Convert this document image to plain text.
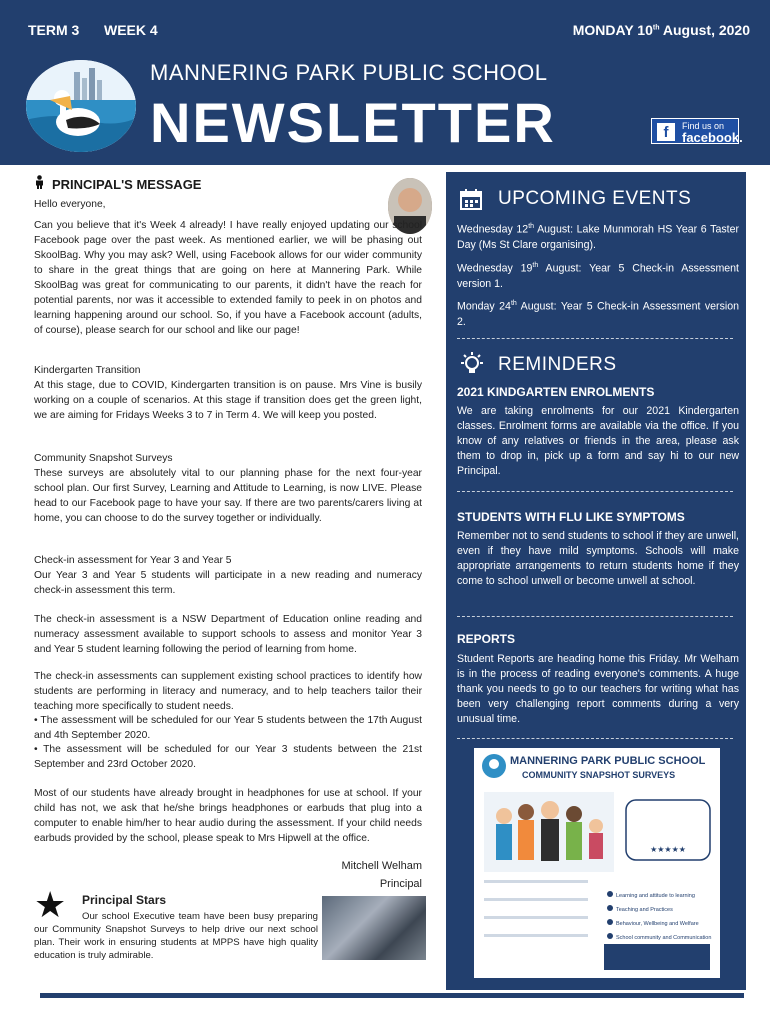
TERM 3 WEEK 4	MONDAY 10th August, 2020
MANNERING PARK PUBLIC SCHOOL
NEWSLETTER	f	Find us on
facebook.
PRINCIPAL'S MESSAGE
Hello everyone,
Can you believe that it's Week 4 already! I have really enjoyed updating our school Facebook page over the past week. As mentioned earlier, we will be phasing out SkoolBag. Why you may ask? Well, using Facebook allows for our wider community to share in the great things that are going on here at Mannering Park. While SkoolBag was great for communicating to our parents, it didn't have the reach for potential parents, nor was it accessible to extended family to peek in on photos and learning happening around our school. So, if you have a Facebook account (adults, of course), please search for our school and like our page!
Kindergarten Transition
At this stage, due to COVID, Kindergarten transition is on pause. Mrs Vine is busily working on a couple of scenarios. At this stage if transition does get the green light, we are aiming for Fridays Weeks 3 to 7 in Term 4. We will keep you posted.
Community Snapshot Surveys
These surveys are absolutely vital to our planning phase for the next four-year school plan. Our first Survey, Learning and Attitude to Learning, is now LIVE. Please head to our Facebook page to have your say. If there are two parents/carers living at home, you can choose to do the survey together or individually.
Check-in assessment for Year 3 and Year 5
Our Year 3 and Year 5 students will participate in a new reading and numeracy check-in assessment this term.
The check-in assessment is a NSW Department of Education online reading and numeracy assessment available to support schools to assess and monitor Year 3 and Year 5 student learning following the period of learning from home.
The check-in assessments can supplement existing school practices to identify how students are performing in literacy and numeracy, and to help teachers tailor their teaching more specifically to student needs.
• The assessment will be scheduled for our Year 5 students between the 17th August and 4th September 2020.
• The assessment will be scheduled for our Year 3 students between the 21st September and 23rd October 2020.
Most of our students have already brought in headphones for use at school. If your child has not, we ask that he/she brings headphones or earbuds that plug into a computer to enable him/her to hear audio during the assessment. If your child needs earbuds provided by the school, please speak to Mrs Hipwell at the office.
Mitchell Welham
Principal
★ Principal Stars
Our school Executive team have been busy preparing our Community Snapshot Surveys to help drive our next school plan. Their work in ensuring students at MPPS have high quality education is truly admirable.
UPCOMING EVENTS
Wednesday 12th August: Lake Munmorah HS Year 6 Taster Day (Ms St Clare organising).
Wednesday 19th August: Year 5 Check-in Assessment version 1.
Monday 24th August: Year 5 Check-in Assessment version 2.
REMINDERS
2021 KINDGARTEN ENROLMENTS
We are taking enrolments for our 2021 Kindergarten classes. Enrolment forms are available via the office. If you know of any relatives or friends in the area, please ask them to drop in, pick up a form and say hi to our new Principal.
STUDENTS WITH FLU LIKE SYMPTOMS
Remember not to send students to school if they are unwell, even if they have mild symptoms. Schools will make appropriate arrangements to return students home if they come to school unwell or become unwell at school.
REPORTS
Student Reports are heading home this Friday. Mr Welham is in the process of reading everyone's comments. A huge thank you needs to go to our teachers for writing what has been very challenging report comments during a very unusual time.
★★★★★
MANNERING PARK PUBLIC SCHOOL
COMMUNITY SNAPSHOT SURVEYS
Learning and attitude to learning
Teaching and Practices
Behaviour, Wellbeing and Welfare
School community and Communication
